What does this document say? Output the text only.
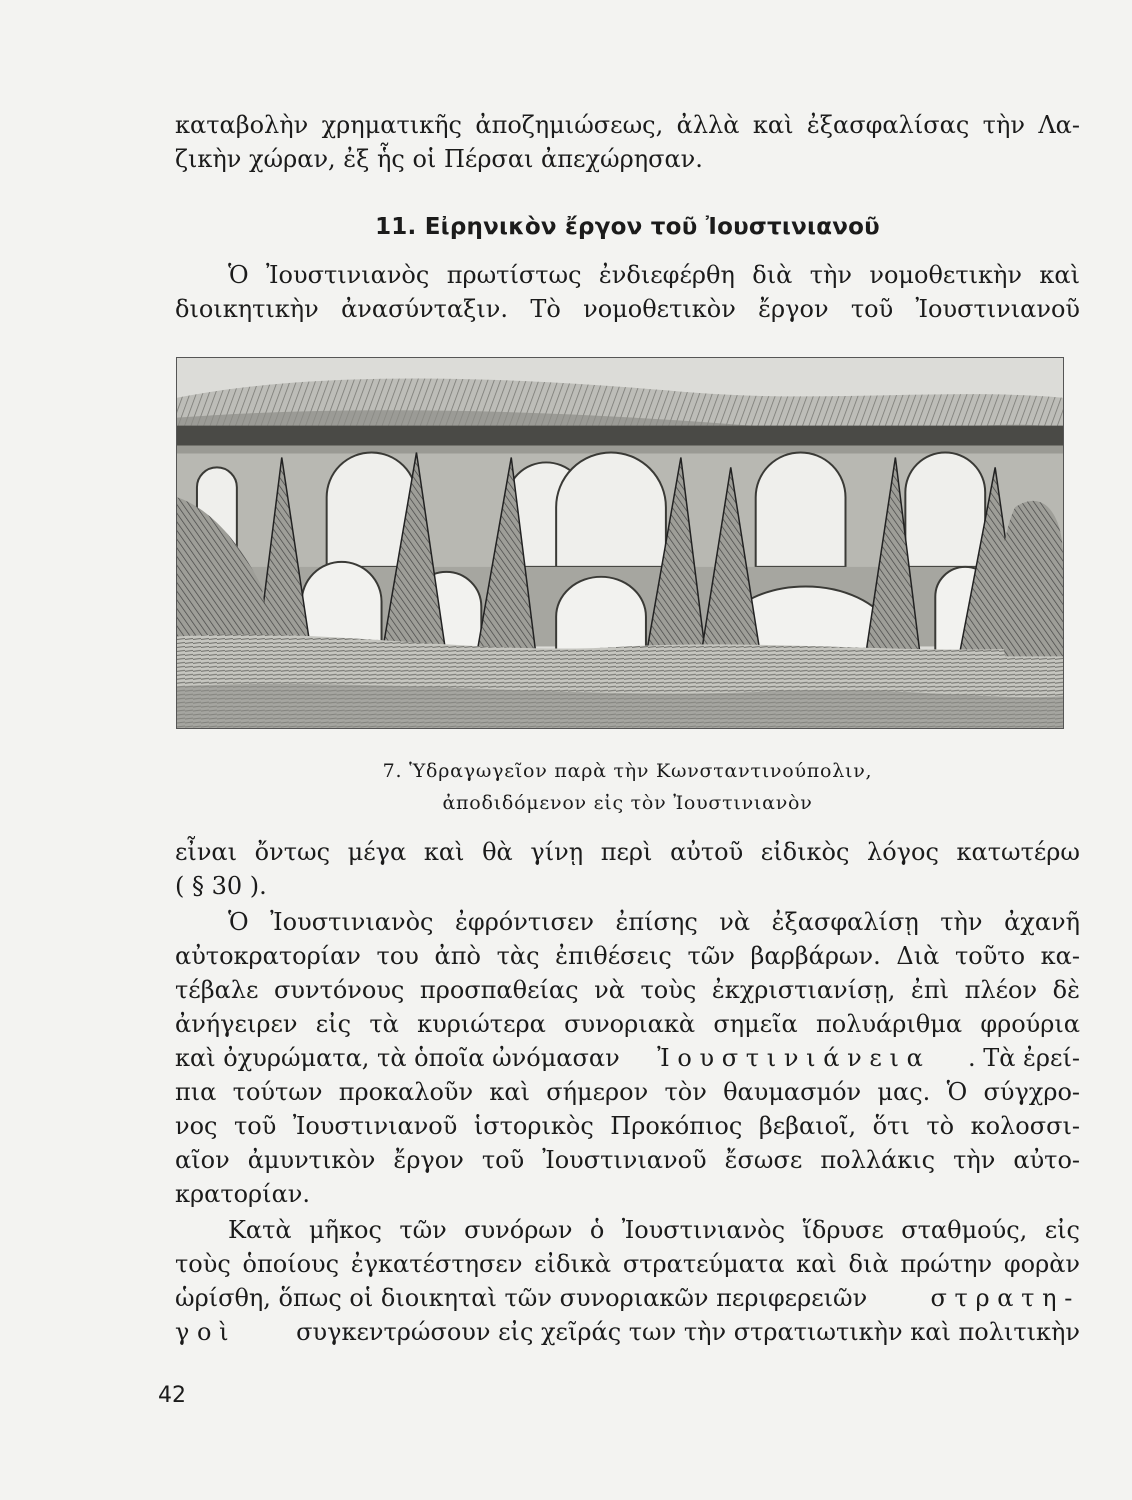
καταβολὴν χρηματικῆς ἀποζημιώσεως, ἀλλὰ καὶ ἐξασφαλίσας τὴν Λα-

ζικὴν χώραν, ἐξ ἧς οἱ Πέρσαι ἀπεχώρησαν.

11. Εἰρηνικὸν ἔργον τοῦ Ἰουστινιανοῦ

Ὁ Ἰουστινιανὸς πρωτίστως ἐνδιεφέρθη διὰ τὴν νομοθετικὴν καὶ

διοικητικὴν ἀνασύνταξιν. Τὸ νομοθετικὸν ἔργον τοῦ Ἰουστινιανοῦ

7. Ὑδραγωγεῖον παρὰ τὴν Κωνσταντινούπολιν,

ἀποδιδόμενον εἰς τὸν Ἰουστινιανὸν

εἶναι ὄντως μέγα καὶ θὰ γίνῃ περὶ αὐτοῦ εἰδικὸς λόγος κατωτέρω

( § 30 ).

Ὁ Ἰουστινιανὸς ἐφρόντισεν ἐπίσης νὰ ἐξασφαλίσῃ τὴν ἀχανῆ

αὐτοκρατορίαν του ἀπὸ τὰς ἐπιθέσεις τῶν βαρβάρων. Διὰ τοῦτο κα-

τέβαλε συντόνους προσπαθείας νὰ τοὺς ἐκχριστιανίσῃ, ἐπὶ πλέον δὲ

ἀνήγειρεν εἰς τὰ κυριώτερα συνοριακὰ σημεῖα πολυάριθμα φρούρια

καὶ ὀχυρώματα, τὰ ὁποῖα ὠνόμασαν Ἰουστινιάνεια . Τὰ ἐρεί-

πια τούτων προκαλοῦν καὶ σήμερον τὸν θαυμασμόν μας. Ὁ σύγχρο-

νος τοῦ Ἰουστινιανοῦ ἱστορικὸς Προκόπιος βεβαιοῖ, ὅτι τὸ κολοσσι-

αῖον ἀμυντικὸν ἔργον τοῦ Ἰουστινιανοῦ ἔσωσε πολλάκις τὴν αὐτο-

κρατορίαν.

Κατὰ μῆκος τῶν συνόρων ὁ Ἰουστινιανὸς ἵδρυσε σταθμούς, εἰς

τοὺς ὁποίους ἐγκατέστησεν εἰδικὰ στρατεύματα καὶ διὰ πρώτην φορὰν

ὡρίσθη, ὅπως οἱ διοικηταὶ τῶν συνοριακῶν περιφερειῶν	στρατη-

γοὶ συγκεντρώσουν εἰς χεῖράς των τὴν στρατιωτικὴν καὶ πολιτικὴν

42
